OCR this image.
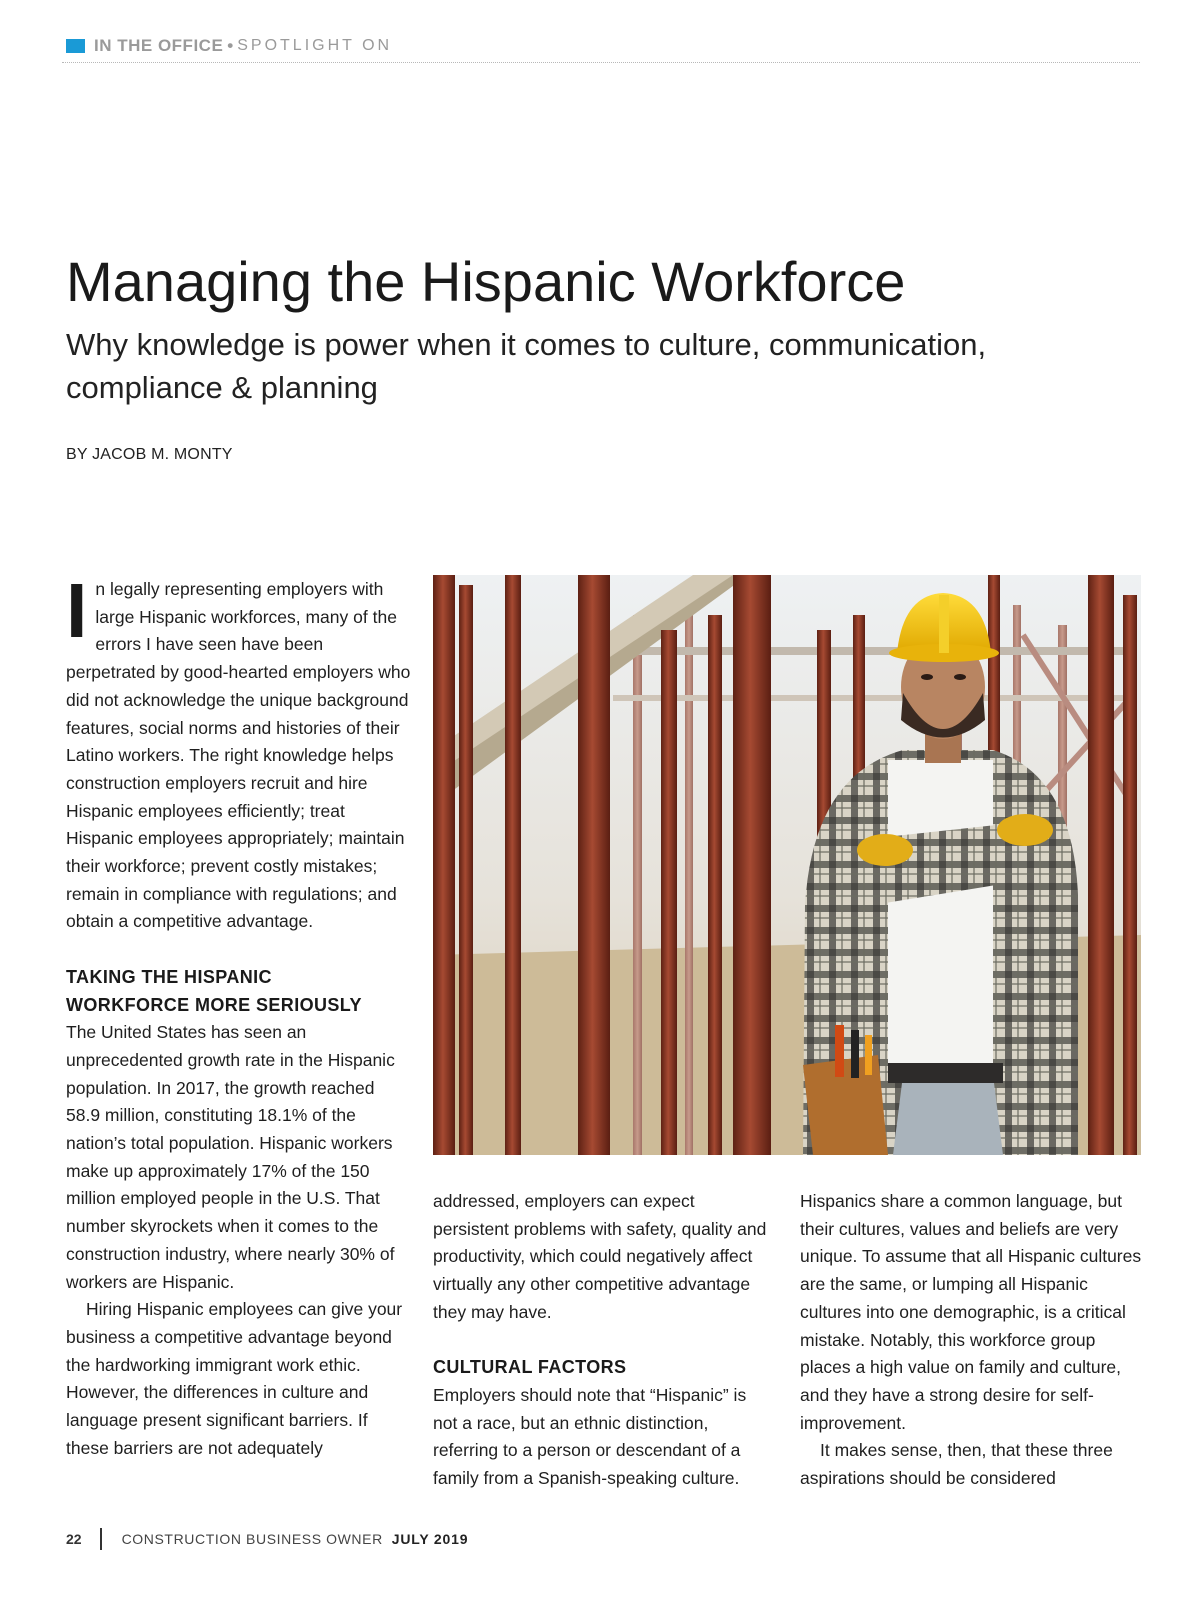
IN THE OFFICE • SPOTLIGHT ON
Managing the Hispanic Workforce

Why knowledge is power when it comes to culture, communication, compliance & planning

BY JACOB M. MONTY

In legally representing employers with large Hispanic workforces, many of the errors I have seen have been perpetrated by good-hearted employers who did not acknowledge the unique background features, social norms and histories of their Latino workers. The right knowledge helps construction employers recruit and hire Hispanic employees efficiently; treat Hispanic employees appropriately; maintain their workforce; prevent costly mistakes; remain in compliance with regulations; and obtain a competitive advantage.

TAKING THE HISPANIC
WORKFORCE MORE SERIOUSLY

The United States has seen an unprecedented growth rate in the Hispanic population. In 2017, the growth reached 58.9 million, constituting 18.1% of the nation’s total population. Hispanic workers make up approximately 17% of the 150 million employed people in the U.S. That number skyrockets when it comes to the construction industry, where nearly 30% of workers are Hispanic.

Hiring Hispanic employees can give your business a competitive advantage beyond the hardworking immigrant work ethic. However, the differences in culture and language present significant barriers. If these barriers are not adequately

addressed, employers can expect persistent problems with safety, quality and productivity, which could negatively affect virtually any other competitive advantage they may have.

CULTURAL FACTORS

Employers should note that “Hispanic” is not a race, but an ethnic distinction, referring to a person or descendant of a family from a Spanish-speaking culture.

Hispanics share a common language, but their cultures, values and beliefs are very unique. To assume that all Hispanic cultures are the same, or lumping all Hispanic cultures into one demographic, is a critical mistake. Notably, this workforce group places a high value on family and culture, and they have a strong desire for self-improvement.

It makes sense, then, that these three aspirations should be considered

22	CONSTRUCTION BUSINESS OWNER JULY 2019
